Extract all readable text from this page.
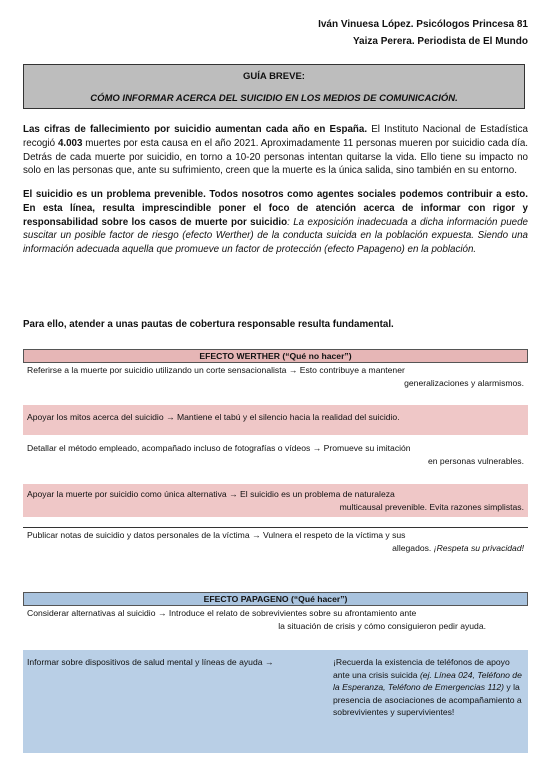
Iván Vinuesa López. Psicólogos Princesa 81
Yaiza Perera. Periodista de El Mundo
GUÍA BREVE:
CÓMO INFORMAR ACERCA DEL SUICIDIO EN LOS MEDIOS DE COMUNICACIÓN.
Las cifras de fallecimiento por suicidio aumentan cada año en España. El Instituto Nacional de Estadística recogió 4.003 muertes por esta causa en el año 2021. Aproximadamente 11 personas mueren por suicidio cada día. Detrás de cada muerte por suicidio, en torno a 10-20 personas intentan quitarse la vida. Ello tiene su impacto no solo en las personas que, ante su sufrimiento, creen que la muerte es la única salida, sino también en su entorno.
El suicidio es un problema prevenible. Todos nosotros como agentes sociales podemos contribuir a esto. En esta línea, resulta imprescindible poner el foco de atención acerca de informar con rigor y responsabilidad sobre los casos de muerte por suicidio: La exposición inadecuada a dicha información puede suscitar un posible factor de riesgo (efecto Werther) de la conducta suicida en la población expuesta. Siendo una información adecuada aquella que promueve un factor de protección (efecto Papageno) en la población.
Para ello, atender a unas pautas de cobertura responsable resulta fundamental.
EFECTO WERTHER (“Qué no hacer”)
Referirse a la muerte por suicidio utilizando un corte sensacionalista → Esto contribuye a mantener
generalizaciones y alarmismos.
Apoyar los mitos acerca del suicidio → Mantiene el tabú y el silencio hacia la realidad del suicidio.
Detallar el método empleado, acompañado incluso de fotografías o vídeos → Promueve su imitación
en personas vulnerables.
Apoyar la muerte por suicidio como única alternativa → El suicidio es un problema de naturaleza
multicausal prevenible. Evita razones simplistas.
Publicar notas de suicidio y datos personales de la víctima → Vulnera el respeto de la víctima y sus
allegados. ¡Respeta su privacidad!
EFECTO PAPAGENO (“Qué hacer”)
Considerar alternativas al suicidio → Introduce el relato de sobrevivientes sobre su afrontamiento ante
la situación de crisis y cómo consiguieron pedir ayuda.
Informar sobre dispositivos de salud mental y líneas de ayuda →	¡Recuerda la existencia de teléfonos de apoyo ante una crisis suicida (ej. Línea 024, Teléfono de la Esperanza, Teléfono de Emergencias 112) y la presencia de asociaciones de acompañamiento a sobrevivientes y supervivientes!
